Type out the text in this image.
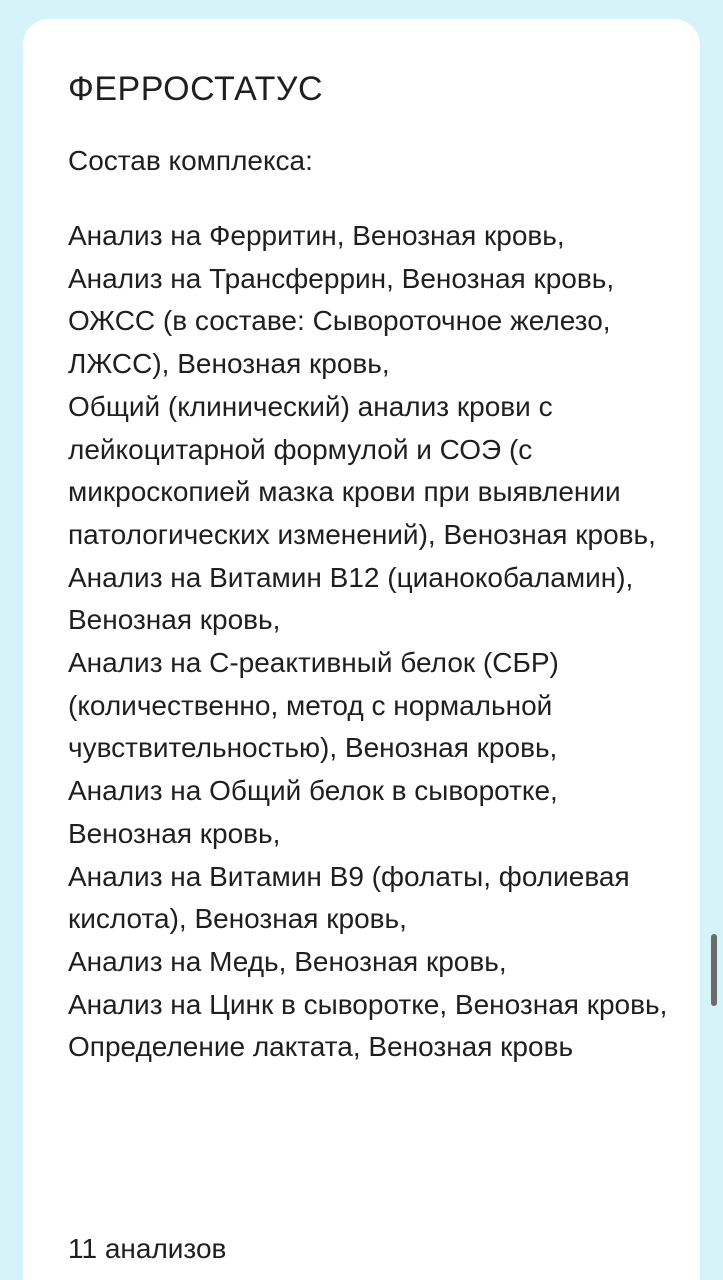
ФЕРРОСТАТУС

Состав комплекса:

Анализ на Ферритин, Венозная кровь,
Анализ на Трансферрин, Венозная кровь,
ОЖСС (в составе: Сывороточное железо, ЛЖСС), Венозная кровь,
Общий (клинический) анализ крови с лейкоцитарной формулой и СОЭ (с микроскопией мазка крови при выявлении патологических изменений), Венозная кровь,
Анализ на Витамин В12 (цианокобаламин), Венозная кровь,
Анализ на С-реактивный белок (СБР) (количественно, метод с нормальной чувствительностью), Венозная кровь,
Анализ на Общий белок в сыворотке, Венозная кровь,
Анализ на Витамин В9 (фолаты, фолиевая кислота), Венозная кровь,
Анализ на Медь, Венозная кровь,
Анализ на Цинк в сыворотке, Венозная кровь,
Определение лактата, Венозная кровь

11 анализов
